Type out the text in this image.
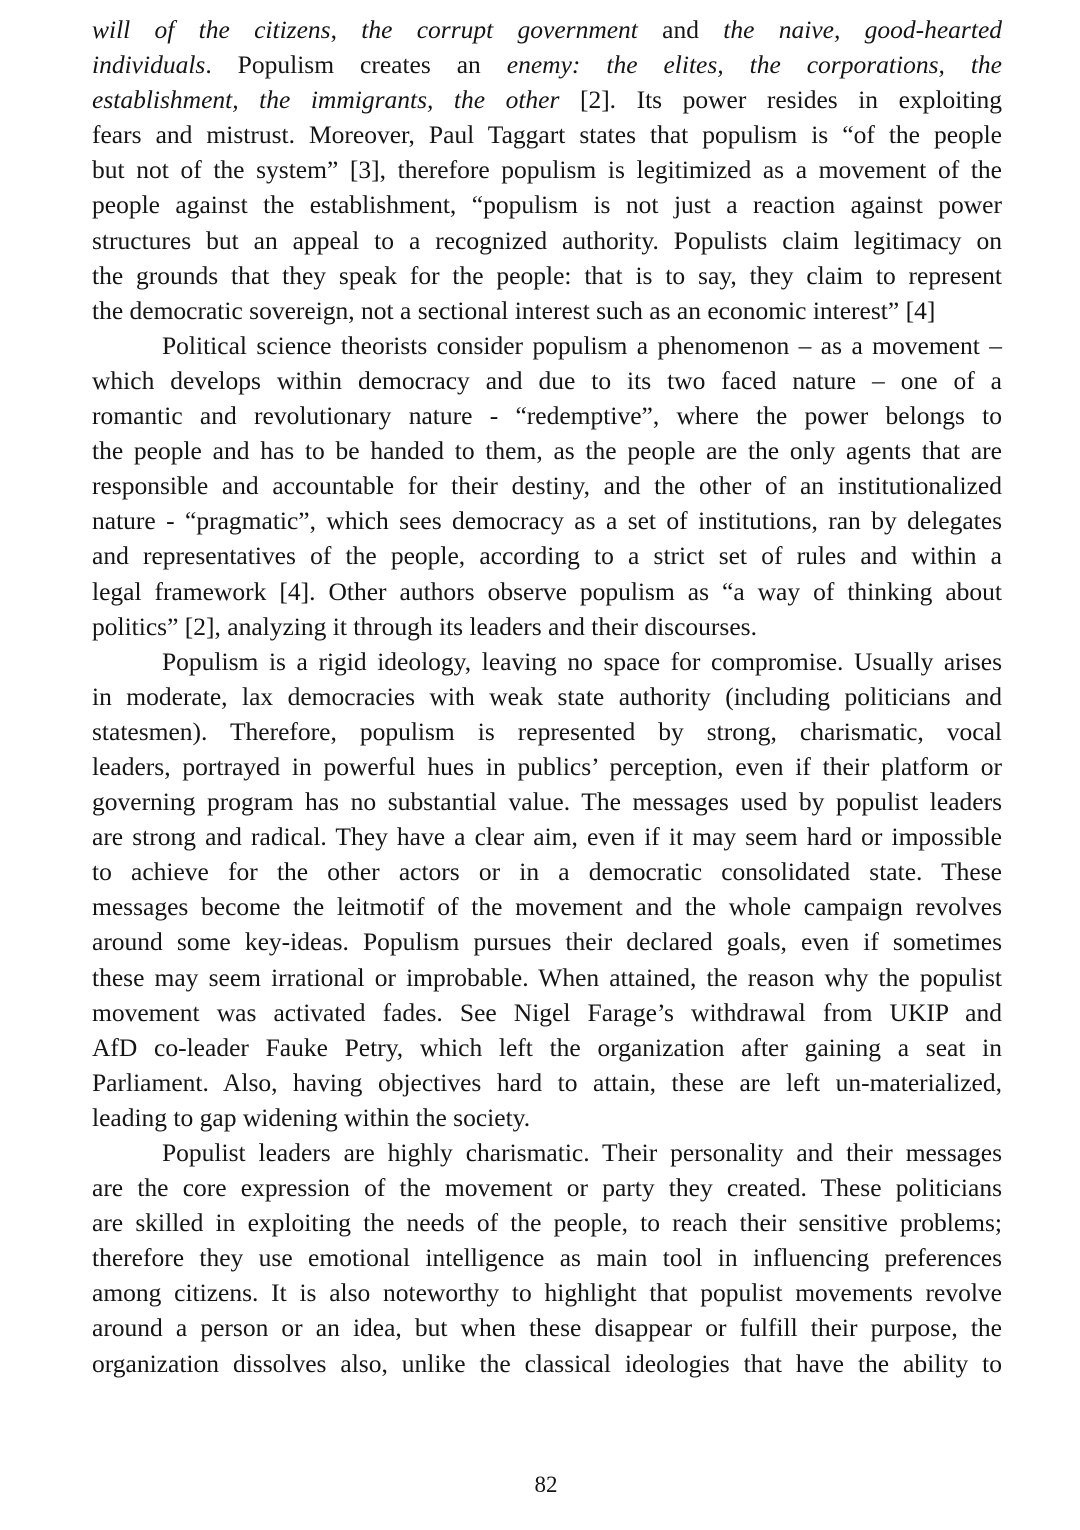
will of the citizens, the corrupt government and the naive, good-hearted
individuals. Populism creates an enemy: the elites, the corporations, the
establishment, the immigrants, the other [2]. Its power resides in exploiting
fears and mistrust. Moreover, Paul Taggart states that populism is “of the people
but not of the system” [3], therefore populism is legitimized as a movement of the
people against the establishment, “populism is not just a reaction against power
structures but an appeal to a recognized authority. Populists claim legitimacy on
the grounds that they speak for the people: that is to say, they claim to represent
the democratic sovereign, not a sectional interest such as an economic interest” [4]
Political science theorists consider populism a phenomenon – as a movement –
which develops within democracy and due to its two faced nature – one of a
romantic and revolutionary nature - “redemptive”, where the power belongs to
the people and has to be handed to them, as the people are the only agents that are
responsible and accountable for their destiny, and the other of an institutionalized
nature - “pragmatic”, which sees democracy as a set of institutions, ran by delegates
and representatives of the people, according to a strict set of rules and within a
legal framework [4]. Other authors observe populism as “a way of thinking about
politics” [2], analyzing it through its leaders and their discourses.
Populism is a rigid ideology, leaving no space for compromise. Usually arises
in moderate, lax democracies with weak state authority (including politicians and
statesmen). Therefore, populism is represented by strong, charismatic, vocal
leaders, portrayed in powerful hues in publics’ perception, even if their platform or
governing program has no substantial value. The messages used by populist leaders
are strong and radical. They have a clear aim, even if it may seem hard or impossible
to achieve for the other actors or in a democratic consolidated state. These
messages become the leitmotif of the movement and the whole campaign revolves
around some key-ideas. Populism pursues their declared goals, even if sometimes
these may seem irrational or improbable. When attained, the reason why the populist
movement was activated fades. See Nigel Farage’s withdrawal from UKIP and
AfD co-leader Fauke Petry, which left the organization after gaining a seat in
Parliament. Also, having objectives hard to attain, these are left un-materialized,
leading to gap widening within the society.
Populist leaders are highly charismatic. Their personality and their messages
are the core expression of the movement or party they created. These politicians
are skilled in exploiting the needs of the people, to reach their sensitive problems;
therefore they use emotional intelligence as main tool in influencing preferences
among citizens. It is also noteworthy to highlight that populist movements revolve
around a person or an idea, but when these disappear or fulfill their purpose, the
organization dissolves also, unlike the classical ideologies that have the ability to
82
